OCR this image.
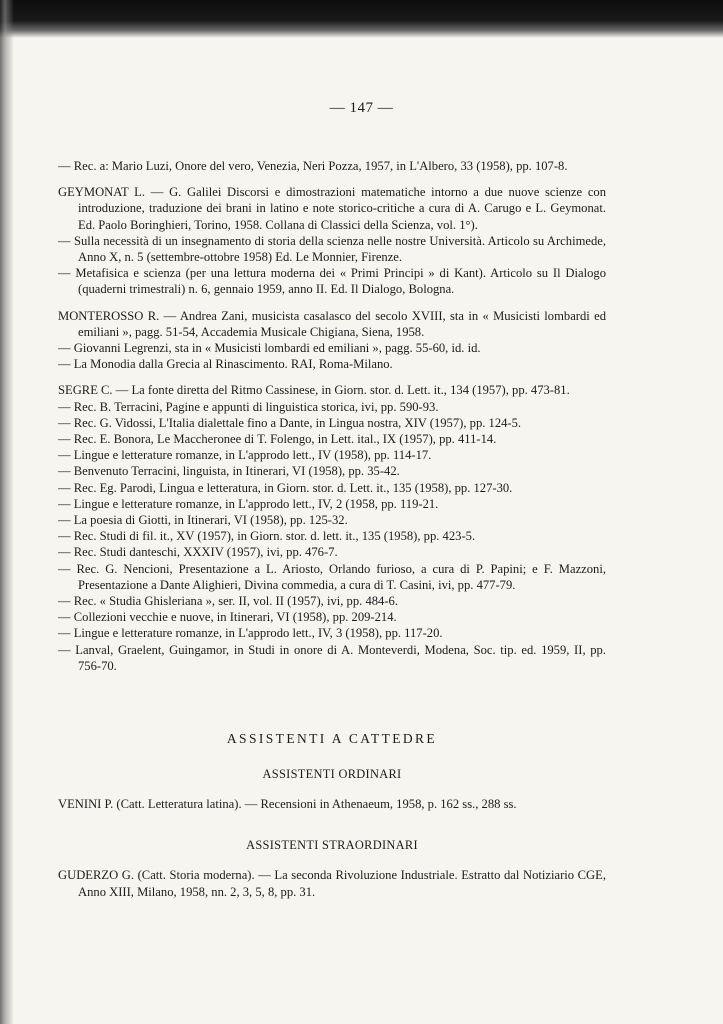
— 147 —
— Rec. a: Mario Luzi, Onore del vero, Venezia, Neri Pozza, 1957, in L'Albero, 33 (1958), pp. 107-8.
GEYMONAT L. — G. Galilei Discorsi e dimostrazioni matematiche intorno a due nuove scienze con introduzione, traduzione dei brani in latino e note storico-critiche a cura di A. Carugo e L. Geymonat. Ed. Paolo Boringhieri, Torino, 1958. Collana di Classici della Scienza, vol. 1°).
— Sulla necessità di un insegnamento di storia della scienza nelle nostre Università. Articolo su Archimede, Anno X, n. 5 (settembre-ottobre 1958) Ed. Le Monnier, Firenze.
— Metafisica e scienza (per una lettura moderna dei « Primi Principi » di Kant). Articolo su Il Dialogo (quaderni trimestrali) n. 6, gennaio 1959, anno II. Ed. Il Dialogo, Bologna.
MONTEROSSO R. — Andrea Zani, musicista casalasco del secolo XVIII, sta in « Musicisti lombardi ed emiliani », pagg. 51-54, Accademia Musicale Chigiana, Siena, 1958.
— Giovanni Legrenzi, sta in « Musicisti lombardi ed emiliani », pagg. 55-60, id. id.
— La Monodia dalla Grecia al Rinascimento. RAI, Roma-Milano.
SEGRE C. — La fonte diretta del Ritmo Cassinese, in Giorn. stor. d. Lett. it., 134 (1957), pp. 473-81.
— Rec. B. Terracini, Pagine e appunti di linguistica storica, ivi, pp. 590-93.
— Rec. G. Vidossi, L'Italia dialettale fino a Dante, in Lingua nostra, XIV (1957), pp. 124-5.
— Rec. E. Bonora, Le Maccheronee di T. Folengo, in Lett. ital., IX (1957), pp. 411-14.
— Lingue e letterature romanze, in L'approdo lett., IV (1958), pp. 114-17.
— Benvenuto Terracini, linguista, in Itinerari, VI (1958), pp. 35-42.
— Rec. Eg. Parodi, Lingua e letteratura, in Giorn. stor. d. Lett. it., 135 (1958), pp. 127-30.
— Lingue e letterature romanze, in L'approdo lett., IV, 2 (1958, pp. 119-21.
— La poesia di Giotti, in Itinerari, VI (1958), pp. 125-32.
— Rec. Studi di fil. it., XV (1957), in Giorn. stor. d. lett. it., 135 (1958), pp. 423-5.
— Rec. Studi danteschi, XXXIV (1957), ivi, pp. 476-7.
— Rec. G. Nencioni, Presentazione a L. Ariosto, Orlando furioso, a cura di P. Papini; e F. Mazzoni, Presentazione a Dante Alighieri, Divina commedia, a cura di T. Casini, ivi, pp. 477-79.
— Rec. « Studia Ghisleriana », ser. II, vol. II (1957), ivi, pp. 484-6.
— Collezioni vecchie e nuove, in Itinerari, VI (1958), pp. 209-214.
— Lingue e letterature romanze, in L'approdo lett., IV, 3 (1958), pp. 117-20.
— Lanval, Graelent, Guingamor, in Studi in onore di A. Monteverdi, Modena, Soc. tip. ed. 1959, II, pp. 756-70.
ASSISTENTI A CATTEDRE
ASSISTENTI ORDINARI
VENINI P. (Catt. Letteratura latina). — Recensioni in Athenaeum, 1958, p. 162 ss., 288 ss.
ASSISTENTI STRAORDINARI
GUDERZO G. (Catt. Storia moderna). — La seconda Rivoluzione Industriale. Estratto dal Notiziario CGE, Anno XIII, Milano, 1958, nn. 2, 3, 5, 8, pp. 31.
